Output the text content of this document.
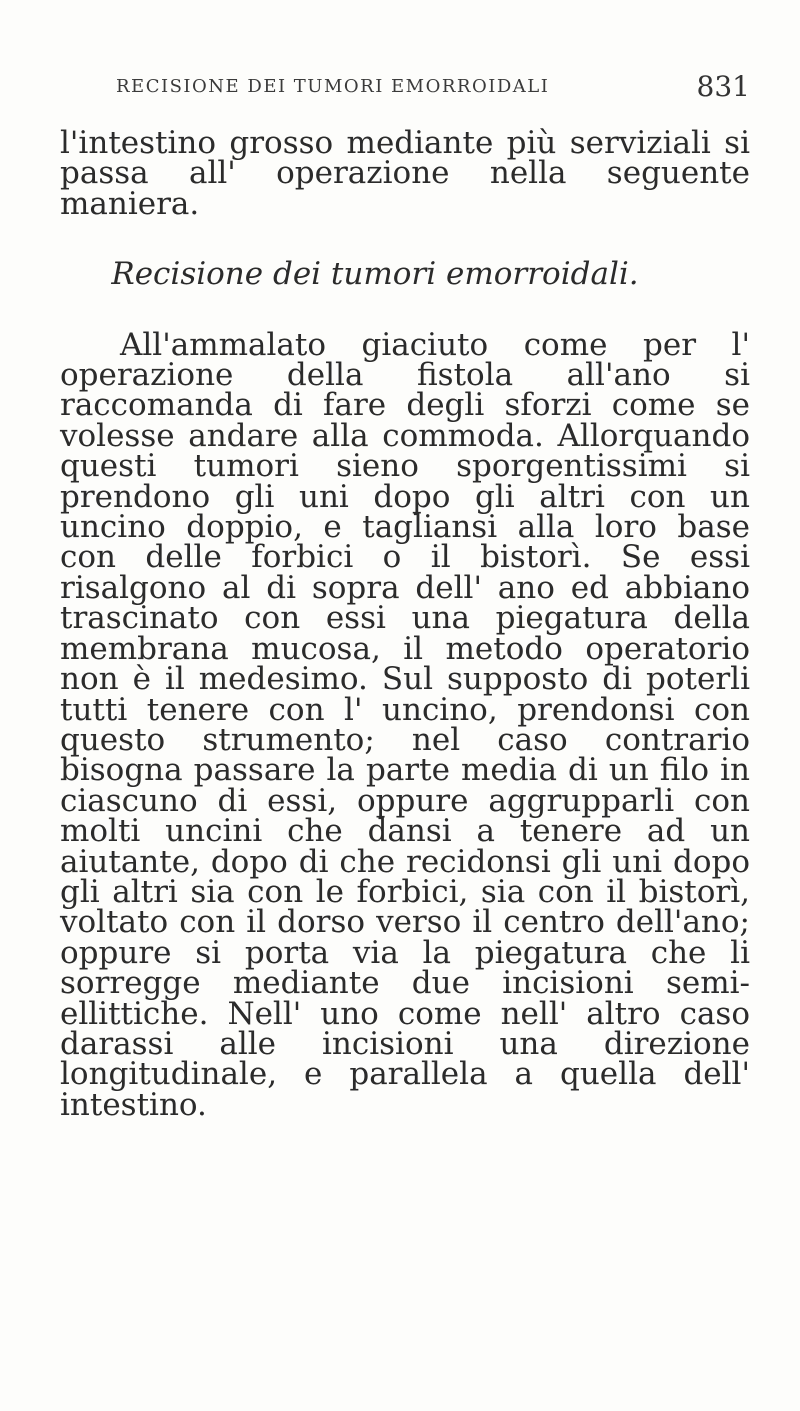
RECISIONE DEI TUMORI EMORROIDALI	831

l'intestino grosso mediante più serviziali si passa all' operazione nella seguente maniera.

Recisione dei tumori emorroidali.

All'ammalato giaciuto come per l' operazione della fistola all'ano si raccomanda di fare degli sforzi come se volesse andare alla commoda. Allorquando questi tumori sieno sporgentissimi si prendono gli uni dopo gli altri con un uncino doppio, e tagliansi alla loro base con delle forbici o il bistorì. Se essi risalgono al di sopra dell' ano ed abbiano trascinato con essi una piegatura della membrana mucosa, il metodo operatorio non è il medesimo. Sul supposto di poterli tutti tenere con l' uncino, prendonsi con questo strumento; nel caso contrario bisogna passare la parte media di un filo in ciascuno di essi, oppure aggrupparli con molti uncini che dansi a tenere ad un aiutante, dopo di che recidonsi gli uni dopo gli altri sia con le forbici, sia con il bistorì, voltato con il dorso verso il centro dell'ano; oppure si porta via la piegatura che li sorregge mediante due incisioni semi-ellittiche. Nell' uno come nell' altro caso darassi alle incisioni una direzione longitudinale, e parallela a quella dell' intestino.
